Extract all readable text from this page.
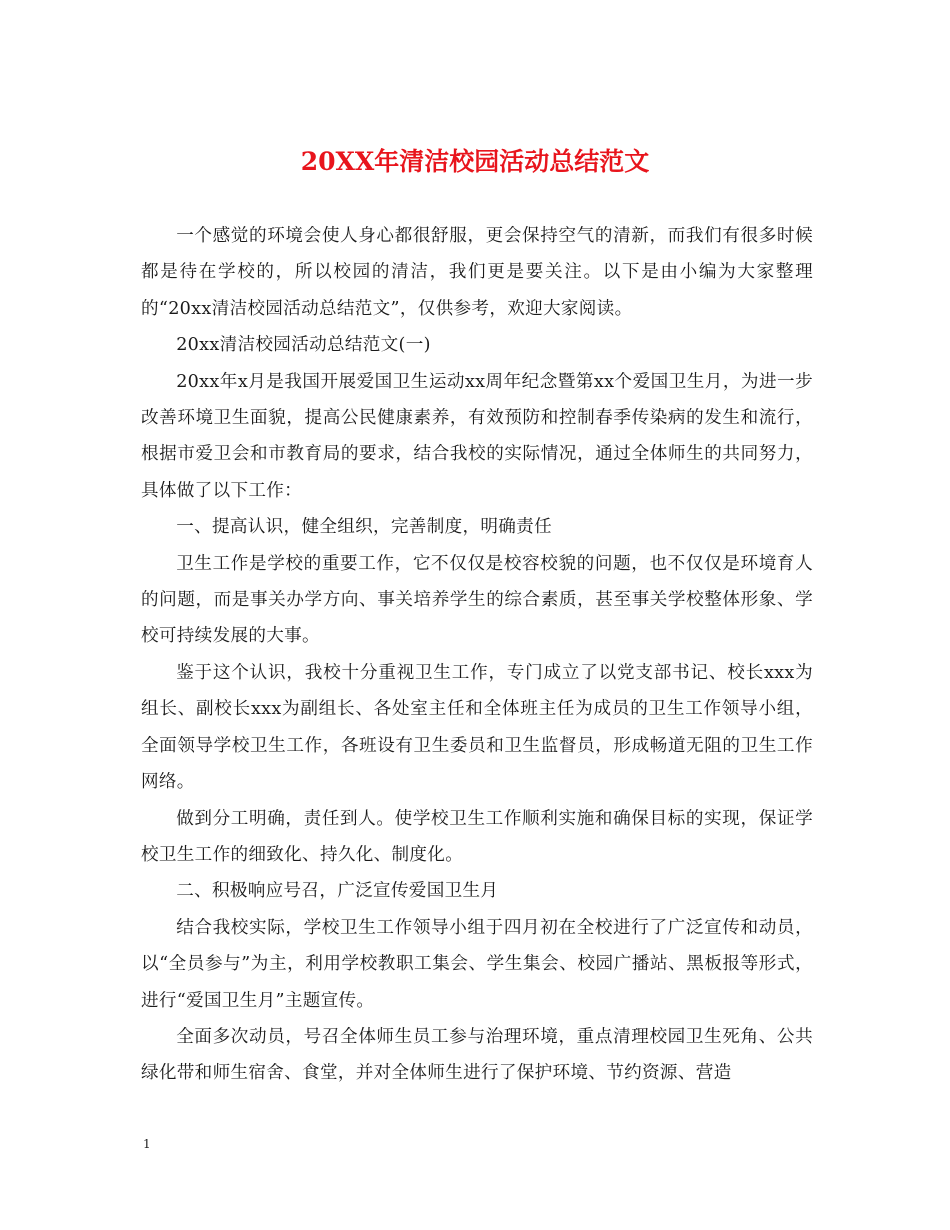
20XX年清洁校园活动总结范文

一个感觉的环境会使人身心都很舒服，更会保持空气的清新，而我们有很多时候都是待在学校的，所以校园的清洁，我们更是要关注。以下是由小编为大家整理的“20xx清洁校园活动总结范文”，仅供参考，欢迎大家阅读。

20xx清洁校园活动总结范文(一)

20xx年x月是我国开展爱国卫生运动xx周年纪念暨第xx个爱国卫生月，为进一步改善环境卫生面貌，提高公民健康素养，有效预防和控制春季传染病的发生和流行，根据市爱卫会和市教育局的要求，结合我校的实际情况，通过全体师生的共同努力，具体做了以下工作：

一、提高认识，健全组织，完善制度，明确责任

卫生工作是学校的重要工作，它不仅仅是校容校貌的问题，也不仅仅是环境育人的问题，而是事关办学方向、事关培养学生的综合素质，甚至事关学校整体形象、学校可持续发展的大事。

鉴于这个认识，我校十分重视卫生工作，专门成立了以党支部书记、校长xxx为组长、副校长xxx为副组长、各处室主任和全体班主任为成员的卫生工作领导小组，全面领导学校卫生工作，各班设有卫生委员和卫生监督员，形成畅道无阻的卫生工作网络。

做到分工明确，责任到人。使学校卫生工作顺利实施和确保目标的实现，保证学校卫生工作的细致化、持久化、制度化。

二、积极响应号召，广泛宣传爱国卫生月

结合我校实际，学校卫生工作领导小组于四月初在全校进行了广泛宣传和动员，以“全员参与”为主，利用学校教职工集会、学生集会、校园广播站、黑板报等形式，进行“爱国卫生月”主题宣传。

全面多次动员，号召全体师生员工参与治理环境，重点清理校园卫生死角、公共绿化带和师生宿舍、食堂，并对全体师生进行了保护环境、节约资源、营造

1
